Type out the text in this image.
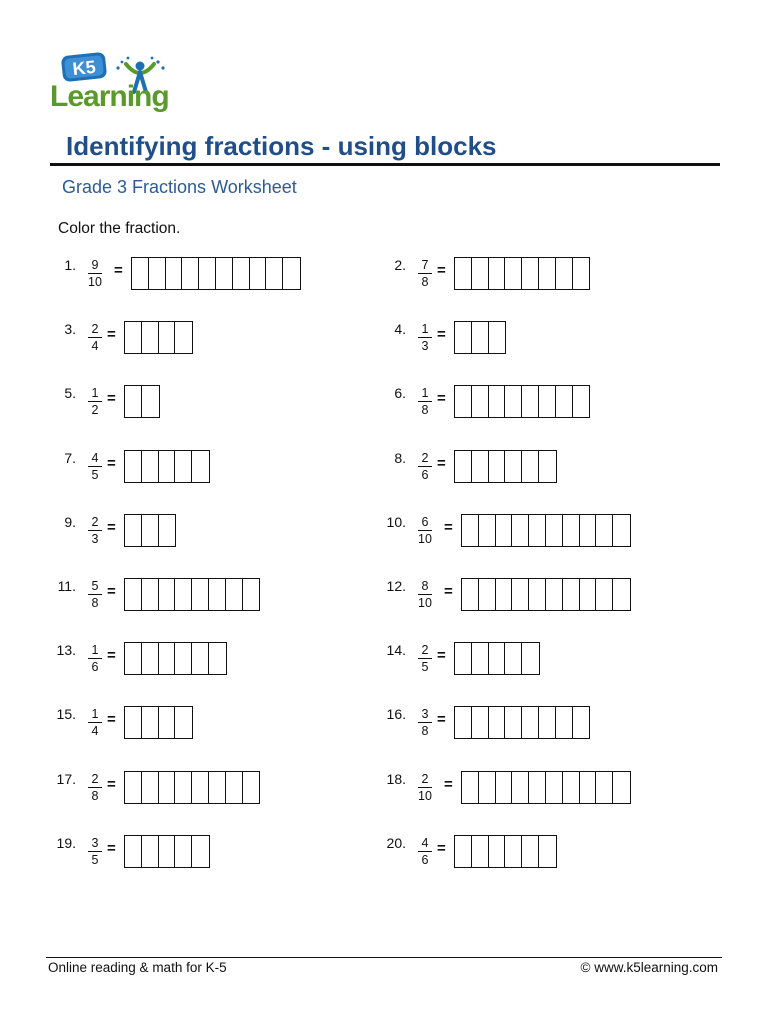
K5
Learning
Identifying fractions - using blocks
Grade 3 Fractions Worksheet
Color the fraction.
1. 9
10
=	2. 7
8
=
3. 2
4
=	4. 1
3
=
5. 1
2
=	6. 1
8
=
7. 4
5
=	8. 2
6
=
9. 2
3
=	10. 6
10
=
11. 5
8
=	12. 8
10
=
13. 1
6
=	14. 2
5
=
15. 1
4
=	16. 3
8
=
17. 2
8
=	18. 2
10
=
19. 3
5
=	20. 4
6
=
Online reading & math for K-5	© www.k5learning.com
